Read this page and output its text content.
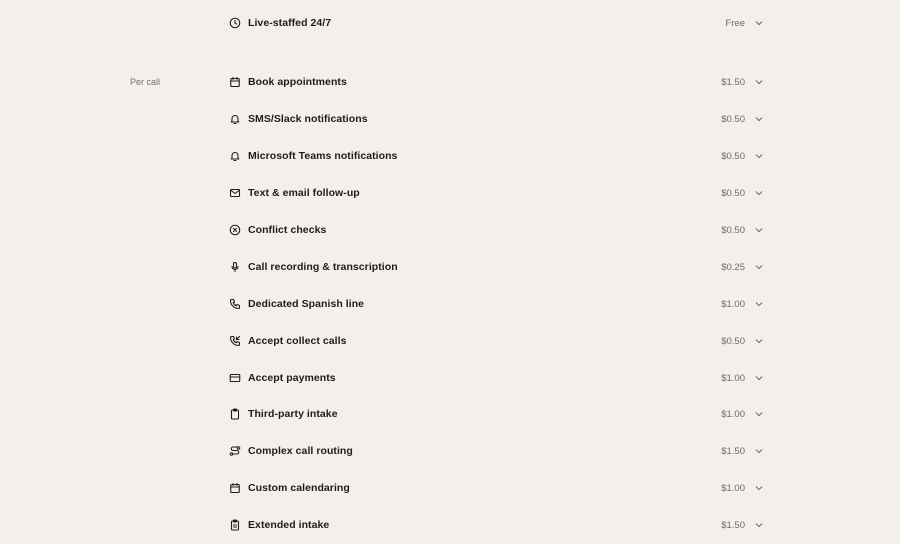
Live-staffed 24/7	Free
Per call	Book appointments	$1.50
SMS/Slack notifications	$0.50
Microsoft Teams notifications	$0.50
Text & email follow-up	$0.50
Conflict checks	$0.50
Call recording & transcription	$0.25
Dedicated Spanish line	$1.00
Accept collect calls	$0.50
Accept payments	$1.00
Third-party intake	$1.00
Complex call routing	$1.50
Custom calendaring	$1.00
Extended intake	$1.50
